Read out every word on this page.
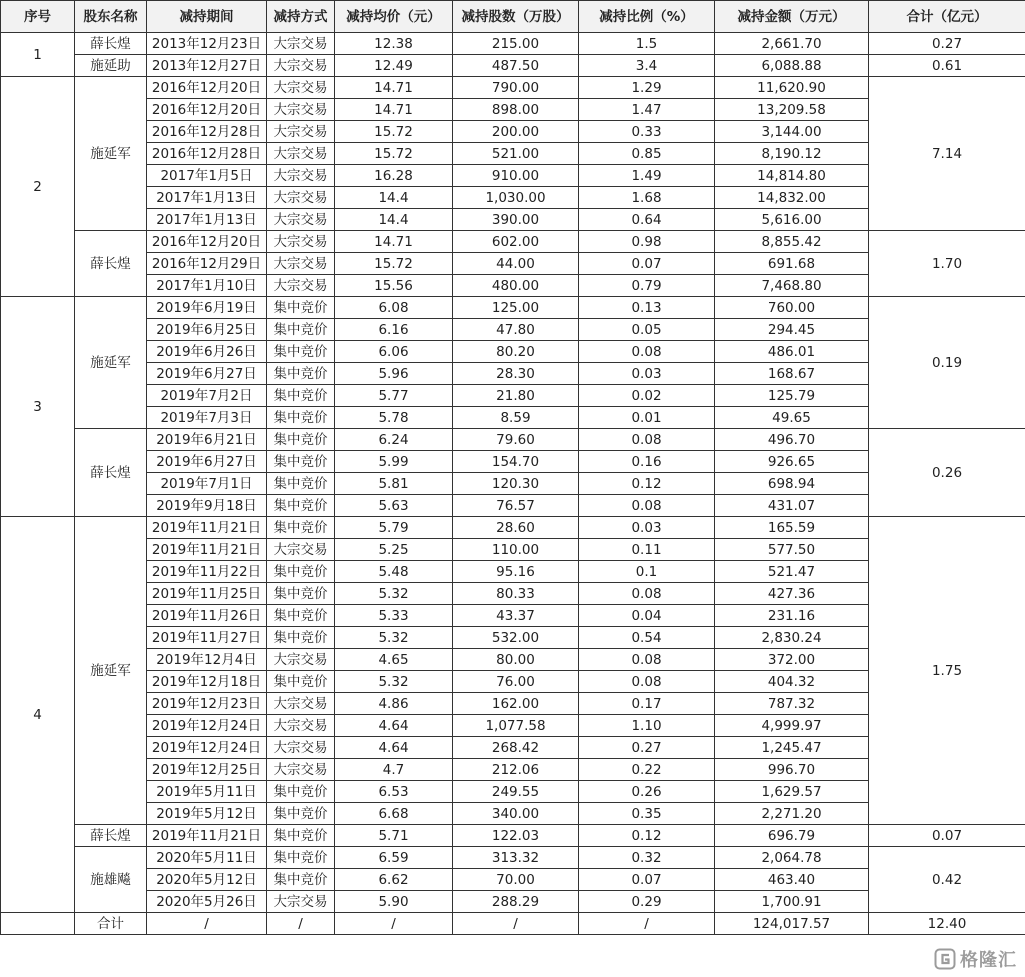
序号	股东名称	减持期间	减持方式	减持均价（元）	减持股数（万股）	减持比例（%）	减持金额（万元）	合计（亿元）
1	薛长煌	2013年12月23日	大宗交易	12.38	215.00	1.5	2,661.70	0.27
	施延助	2013年12月27日	大宗交易	12.49	487.50	3.4	6,088.88	0.61
2	施延军	2016年12月20日	大宗交易	14.71	790.00	1.29	11,620.90	7.14
		2016年12月20日	大宗交易	14.71	898.00	1.47	13,209.58	
		2016年12月28日	大宗交易	15.72	200.00	0.33	3,144.00	
		2016年12月28日	大宗交易	15.72	521.00	0.85	8,190.12	
		2017年1月5日	大宗交易	16.28	910.00	1.49	14,814.80	
		2017年1月13日	大宗交易	14.4	1,030.00	1.68	14,832.00	
		2017年1月13日	大宗交易	14.4	390.00	0.64	5,616.00	
	薛长煌	2016年12月20日	大宗交易	14.71	602.00	0.98	8,855.42	1.70
		2016年12月29日	大宗交易	15.72	44.00	0.07	691.68	
		2017年1月10日	大宗交易	15.56	480.00	0.79	7,468.80	
3	施延军	2019年6月19日	集中竞价	6.08	125.00	0.13	760.00	0.19
		2019年6月25日	集中竞价	6.16	47.80	0.05	294.45	
		2019年6月26日	集中竞价	6.06	80.20	0.08	486.01	
		2019年6月27日	集中竞价	5.96	28.30	0.03	168.67	
		2019年7月2日	集中竞价	5.77	21.80	0.02	125.79	
		2019年7月3日	集中竞价	5.78	8.59	0.01	49.65	
	薛长煌	2019年6月21日	集中竞价	6.24	79.60	0.08	496.70	0.26
		2019年6月27日	集中竞价	5.99	154.70	0.16	926.65	
		2019年7月1日	集中竞价	5.81	120.30	0.12	698.94	
		2019年9月18日	集中竞价	5.63	76.57	0.08	431.07	
4	施延军	2019年11月21日	集中竞价	5.79	28.60	0.03	165.59	1.75
		2019年11月21日	大宗交易	5.25	110.00	0.11	577.50	
		2019年11月22日	集中竞价	5.48	95.16	0.1	521.47	
		2019年11月25日	集中竞价	5.32	80.33	0.08	427.36	
		2019年11月26日	集中竞价	5.33	43.37	0.04	231.16	
		2019年11月27日	集中竞价	5.32	532.00	0.54	2,830.24	
		2019年12月4日	大宗交易	4.65	80.00	0.08	372.00	
		2019年12月18日	集中竞价	5.32	76.00	0.08	404.32	
		2019年12月23日	大宗交易	4.86	162.00	0.17	787.32	
		2019年12月24日	大宗交易	4.64	1,077.58	1.10	4,999.97	
		2019年12月24日	大宗交易	4.64	268.42	0.27	1,245.47	
		2019年12月25日	大宗交易	4.7	212.06	0.22	996.70	
		2019年5月11日	集中竞价	6.53	249.55	0.26	1,629.57	
		2019年5月12日	集中竞价	6.68	340.00	0.35	2,271.20	
	薛长煌	2019年11月21日	集中竞价	5.71	122.03	0.12	696.79	0.07
	施雄飚	2020年5月11日	集中竞价	6.59	313.32	0.32	2,064.78	0.42
		2020年5月12日	集中竞价	6.62	70.00	0.07	463.40	
		2020年5月26日	大宗交易	5.90	288.29	0.29	1,700.91	
	合计	/	/	/	/	/	124,017.57	12.40
格隆汇
